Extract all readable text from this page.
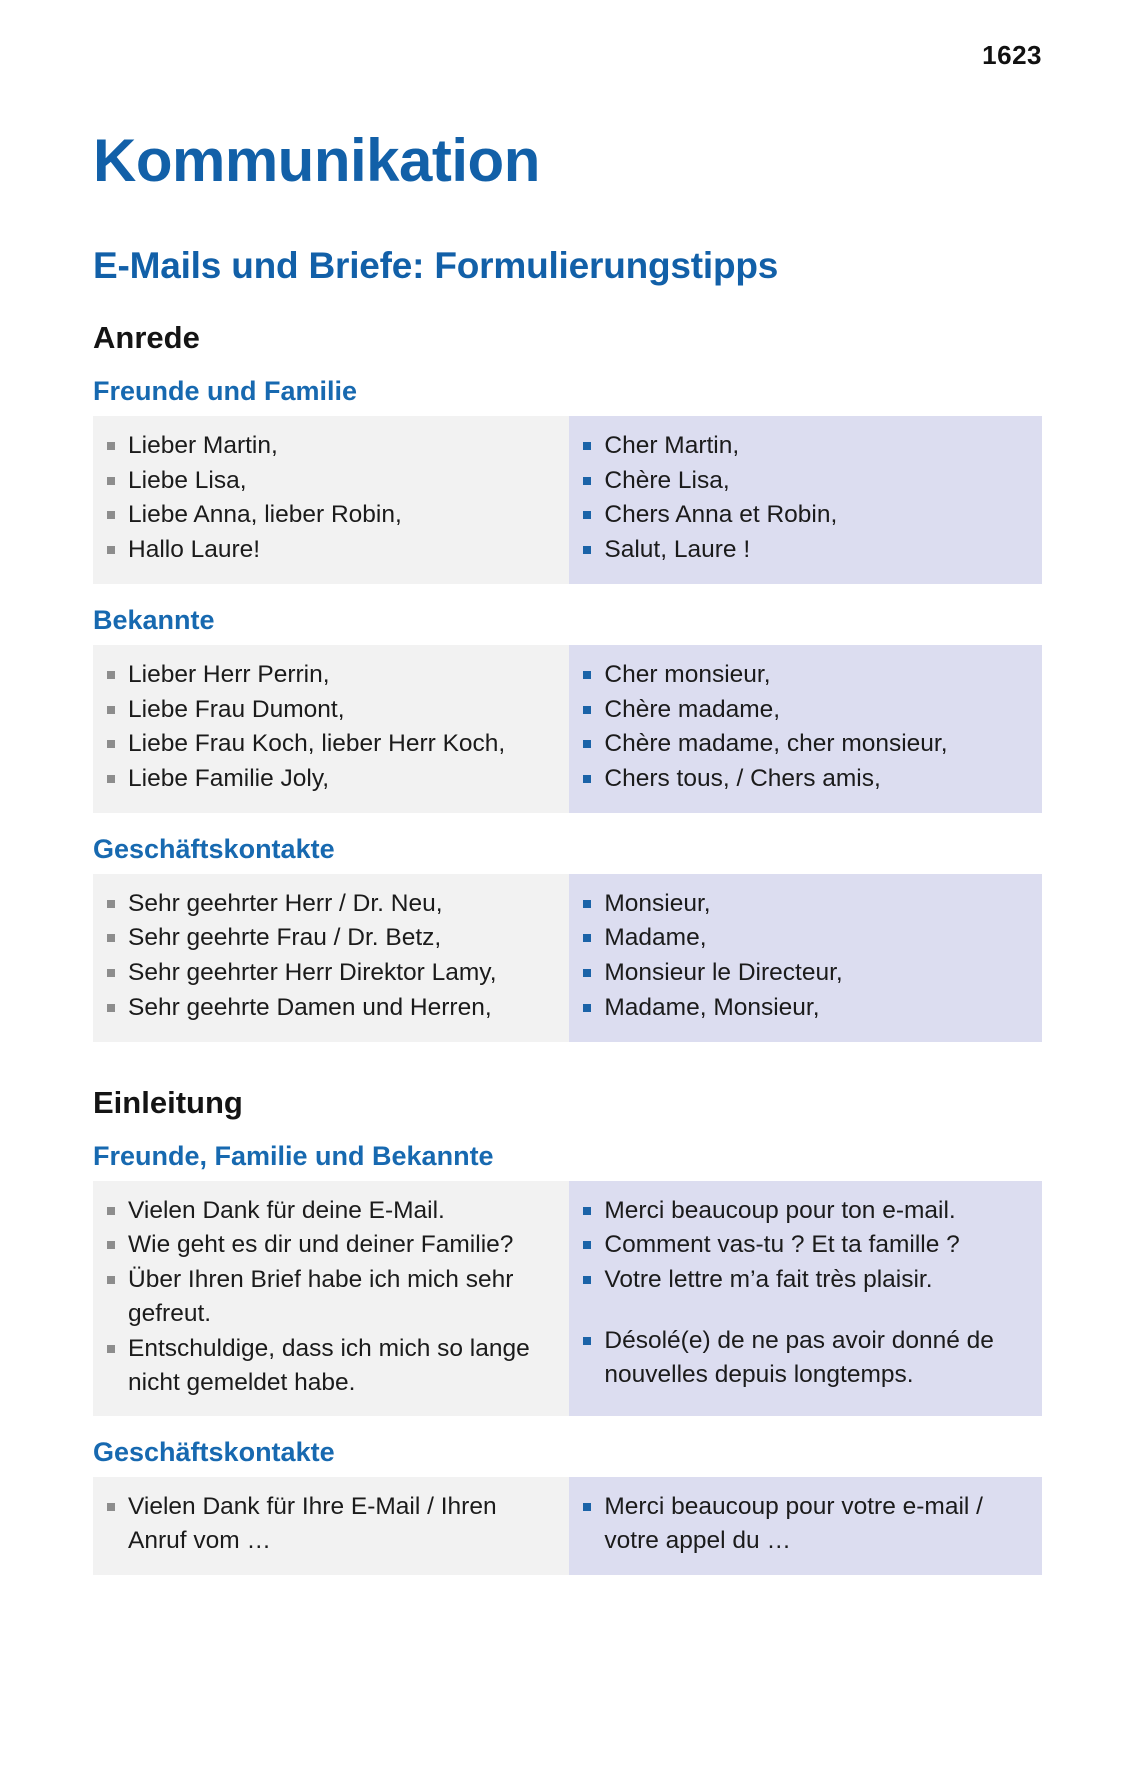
1623
Kommunikation
E-Mails und Briefe: Formulierungstipps
Anrede
Freunde und Familie
Lieber Martin,
Liebe Lisa,
Liebe Anna, lieber Robin,
Hallo Laure!
Cher Martin,
Chère Lisa,
Chers Anna et Robin,
Salut, Laure !
Bekannte
Lieber Herr Perrin,
Liebe Frau Dumont,
Liebe Frau Koch, lieber Herr Koch,
Liebe Familie Joly,
Cher monsieur,
Chère madame,
Chère madame, cher monsieur,
Chers tous, / Chers amis,
Geschäftskontakte
Sehr geehrter Herr / Dr. Neu,
Sehr geehrte Frau / Dr. Betz,
Sehr geehrter Herr Direktor Lamy,
Sehr geehrte Damen und Herren,
Monsieur,
Madame,
Monsieur le Directeur,
Madame, Monsieur,
Einleitung
Freunde, Familie und Bekannte
Vielen Dank für deine E-Mail.
Wie geht es dir und deiner Familie?
Über Ihren Brief habe ich mich sehr gefreut.
Entschuldige, dass ich mich so lange nicht gemeldet habe.
Merci beaucoup pour ton e-mail.
Comment vas-tu ? Et ta famille ?
Votre lettre m’a fait très plaisir.
Désolé(e) de ne pas avoir donné de nouvelles depuis longtemps.
Geschäftskontakte
Vielen Dank für Ihre E-Mail / Ihren Anruf vom …
Merci beaucoup pour votre e-mail / votre appel du …
